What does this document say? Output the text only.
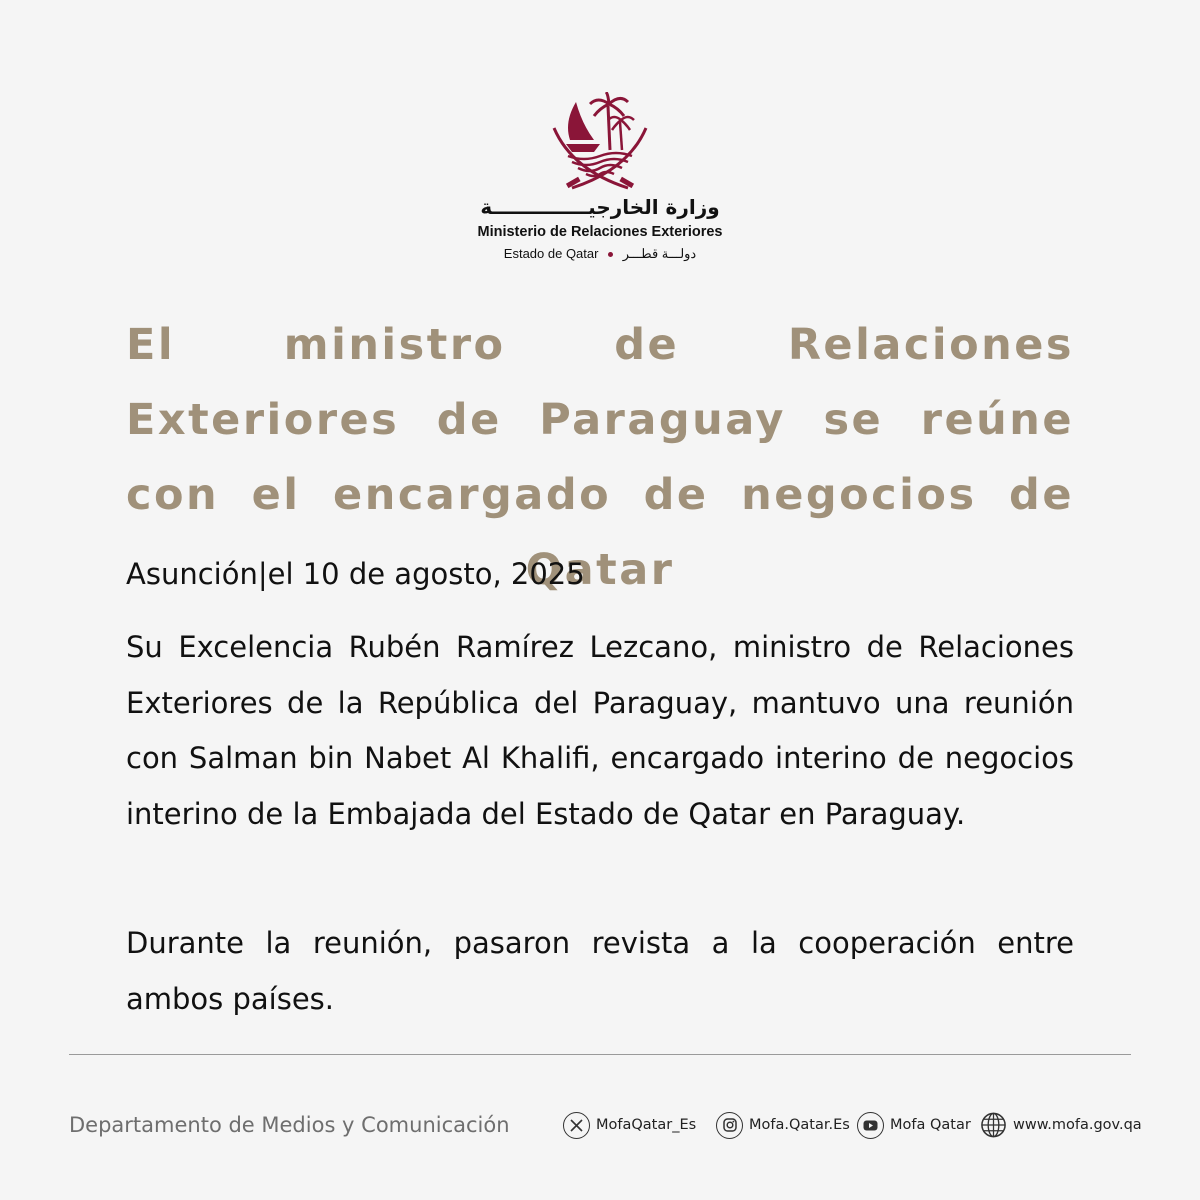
وزارة الخارجيــــــــــــــة
Ministerio de Relaciones Exteriores
Estado de Qatar دولـــة قطـــر
El ministro de Relaciones Exteriores de Paraguay se reúne con el encargado de negocios de Qatar

Asunción|el 10 de agosto, 2025

Su Excelencia Rubén Ramírez Lezcano, ministro de Relaciones Exteriores de la República del Paraguay, mantuvo una reunión con Salman bin Nabet Al Khalifi, encargado interino de negocios interino de la Embajada del Estado de Qatar en Paraguay.

Durante la reunión, pasaron revista a la cooperación entre ambos países.

Departamento de Medios y Comunicación	MofaQatar_Es	Mofa.Qatar.Es	Mofa Qatar	www.mofa.gov.qa
